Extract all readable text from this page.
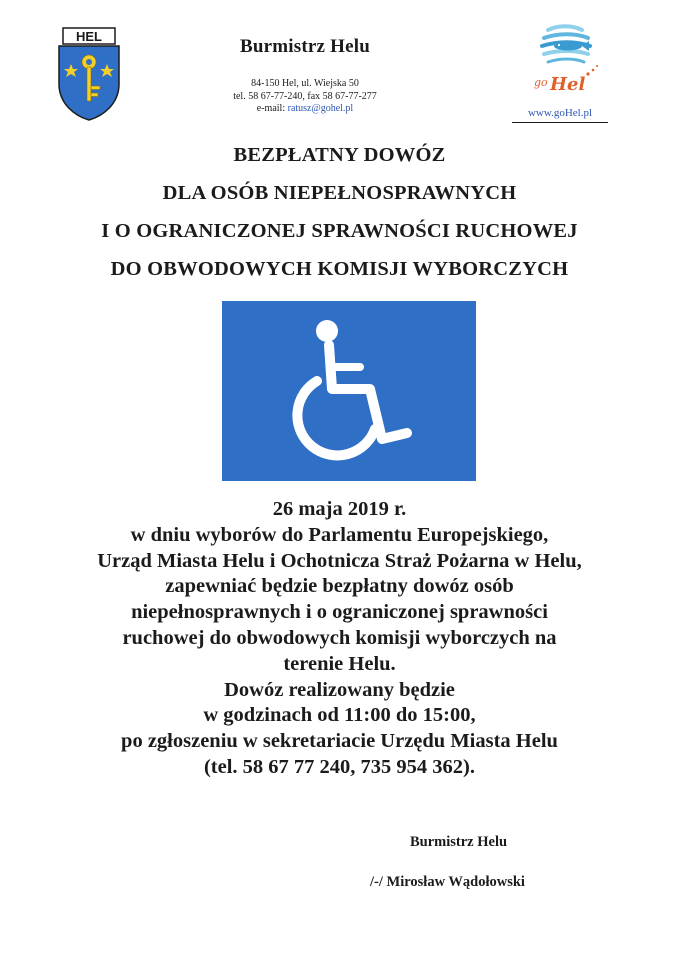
HEL	Burmistrz Helu
84-150 Hel, ul. Wiejska 50
tel. 58 67-77-240, fax 58 67-77-277
e-mail: ratusz@gohel.pl
go Hel
www.goHel.pl
BEZPŁATNY DOWÓZ
DLA OSÓB NIEPEŁNOSPRAWNYCH
I O OGRANICZONEJ SPRAWNOŚCI RUCHOWEJ
DO OBWODOWYCH KOMISJI WYBORCZYCH
26 maja 2019 r.
w dniu wyborów do Parlamentu Europejskiego,
Urząd Miasta Helu i Ochotnicza Straż Pożarna w Helu,
zapewniać będzie bezpłatny dowóz osób
niepełnosprawnych i o ograniczonej sprawności
ruchowej do obwodowych komisji wyborczych na
terenie Helu.
Dowóz realizowany będzie
w godzinach od 11:00 do 15:00,
po zgłoszeniu w sekretariacie Urzędu Miasta Helu
(tel. 58 67 77 240, 735 954 362).
Burmistrz Helu
/-/ Mirosław Wądołowski
